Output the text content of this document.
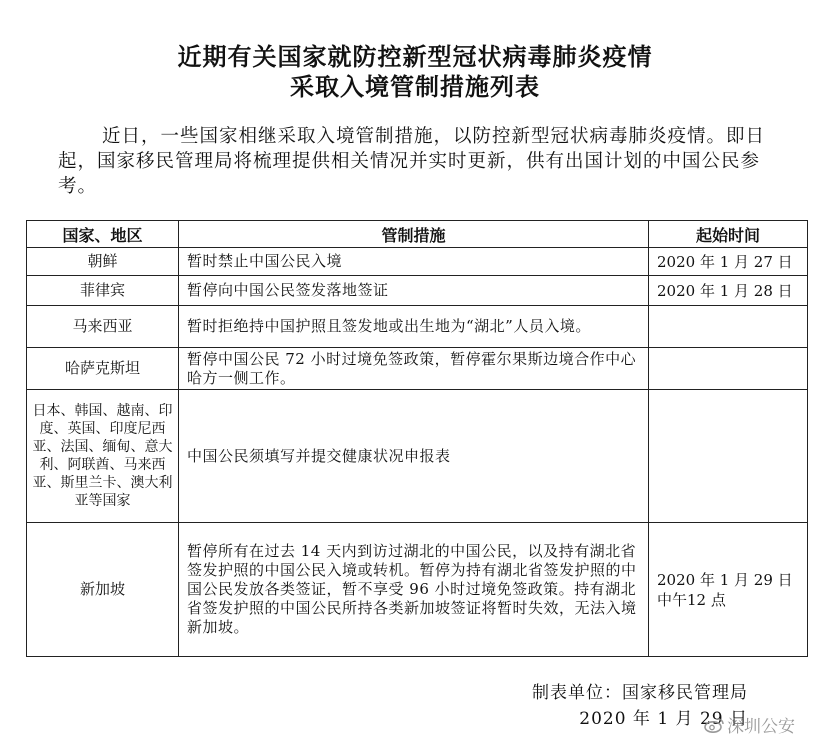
近期有关国家就防控新型冠状病毒肺炎疫情
采取入境管制措施列表

近日，一些国家相继采取入境管制措施，以防控新型冠状病毒肺炎疫情。即日起，国家移民管理局将梳理提供相关情况并实时更新，供有出国计划的中国公民参考。

国家、地区	管制措施	起始时间
朝鲜	暂时禁止中国公民入境	2020 年 1 月 27 日
菲律宾	暂停向中国公民签发落地签证	2020 年 1 月 28 日
马来西亚	暂时拒绝持中国护照且签发地或出生地为“湖北”人员入境。	
哈萨克斯坦	暂停中国公民 72 小时过境免签政策，暂停霍尔果斯边境合作中心哈方一侧工作。	
日本、韩国、越南、印度、英国、印度尼西亚、法国、缅甸、意大利、阿联酋、马来西亚、斯里兰卡、澳大利亚等国家	中国公民须填写并提交健康状况申报表	
新加坡	暂停所有在过去 14 天内到访过湖北的中国公民，以及持有湖北省签发护照的中国公民入境或转机。暂停为持有湖北省签发护照的中国公民发放各类签证，暂不享受 96 小时过境免签政策。持有湖北省签发护照的中国公民所持各类新加坡签证将暂时失效，无法入境新加坡。	2020 年 1 月 29 日中午12 点
制表单位：国家移民管理局
2020 年 1 月 29 日
深圳公安
